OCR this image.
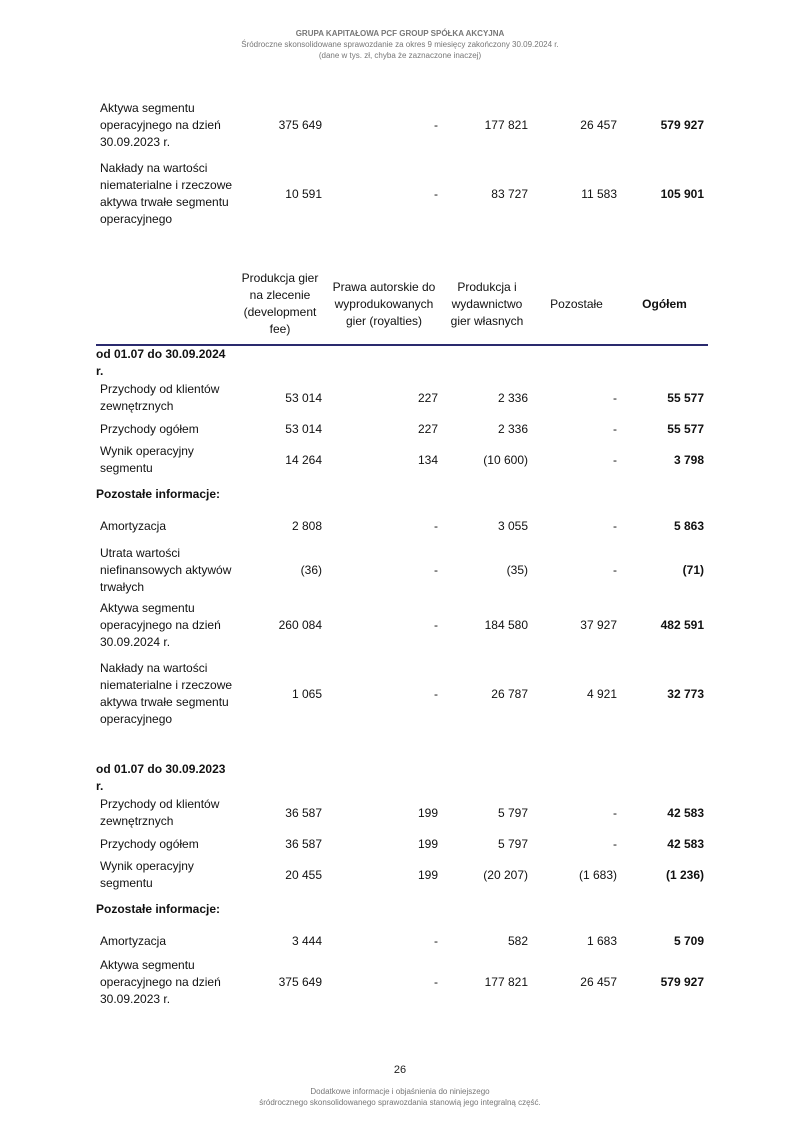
GRUPA KAPITAŁOWA PCF GROUP SPÓŁKA AKCYJNA
Śródroczne skonsolidowane sprawozdanie za okres 9 miesięcy zakończony 30.09.2024 r.
(dane w tys. zł, chyba że zaznaczone inaczej)
Aktywa segmentu operacyjnego na dzień 30.09.2023 r.	375 649	-	177 821	26 457	579 927
Nakłady na wartości niematerialne i rzeczowe aktywa trwałe segmentu operacyjnego	10 591	-	83 727	11 583	105 901
	Produkcja gier na zlecenie (development fee)	Prawa autorskie do wyprodukowanych gier (royalties)	Produkcja i wydawnictwo gier własnych	Pozostałe	Ogółem
od 01.07 do 30.09.2024 r.					
Przychody od klientów zewnętrznych	53 014	227	2 336	-	55 577
Przychody ogółem	53 014	227	2 336	-	55 577
Wynik operacyjny segmentu	14 264	134	(10 600)	-	3 798
Pozostałe informacje:					
Amortyzacja	2 808	-	3 055	-	5 863
Utrata wartości niefinansowych aktywów trwałych	(36)	-	(35)	-	(71)
Aktywa segmentu operacyjnego na dzień 30.09.2024 r.	260 084	-	184 580	37 927	482 591
Nakłady na wartości niematerialne i rzeczowe aktywa trwałe segmentu operacyjnego	1 065	-	26 787	4 921	32 773

od 01.07 do 30.09.2023 r.					
Przychody od klientów zewnętrznych	36 587	199	5 797	-	42 583
Przychody ogółem	36 587	199	5 797	-	42 583
Wynik operacyjny segmentu	20 455	199	(20 207)	(1 683)	(1 236)
Pozostałe informacje:					
Amortyzacja	3 444	-	582	1 683	5 709
Aktywa segmentu operacyjnego na dzień 30.09.2023 r.	375 649	-	177 821	26 457	579 927
26
Dodatkowe informacje i objaśnienia do niniejszego
śródrocznego skonsolidowanego sprawozdania stanowią jego integralną część.
